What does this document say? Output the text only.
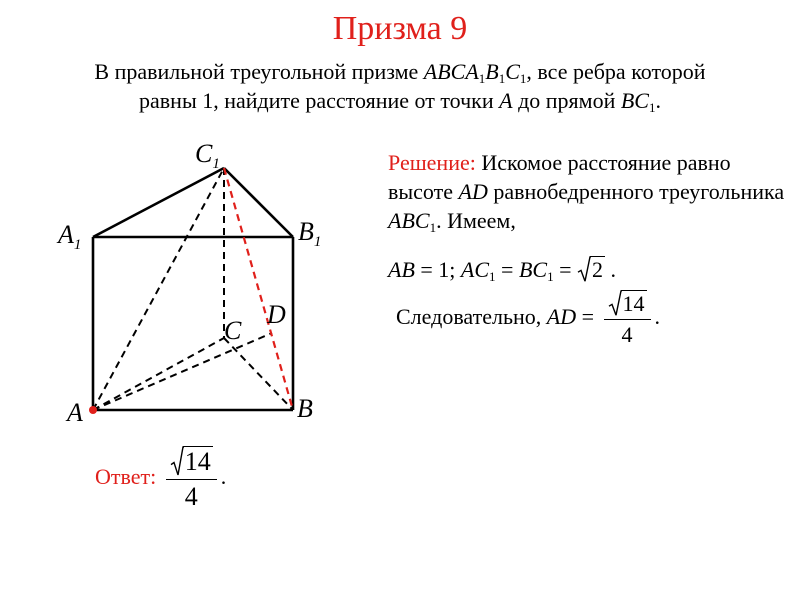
Призма 9
В правильной треугольной призме $ABCA_1B_1C_1$, все ребра которой
равны 1, найдите расстояние от точки A до прямой $BC_1$.
$C_1$
$A_1$	$B_1$
C
D
A	B
Решение: Искомое расстояние равно высоте AD равнобедренного треугольника $ABC_1$. Имеем,
AB = 1; $AC_1 = BC_1 = 2$ .
Следовательно, AD = $\frac{14}{4}$ .
Ответ: $\frac{14}{4}$ .
